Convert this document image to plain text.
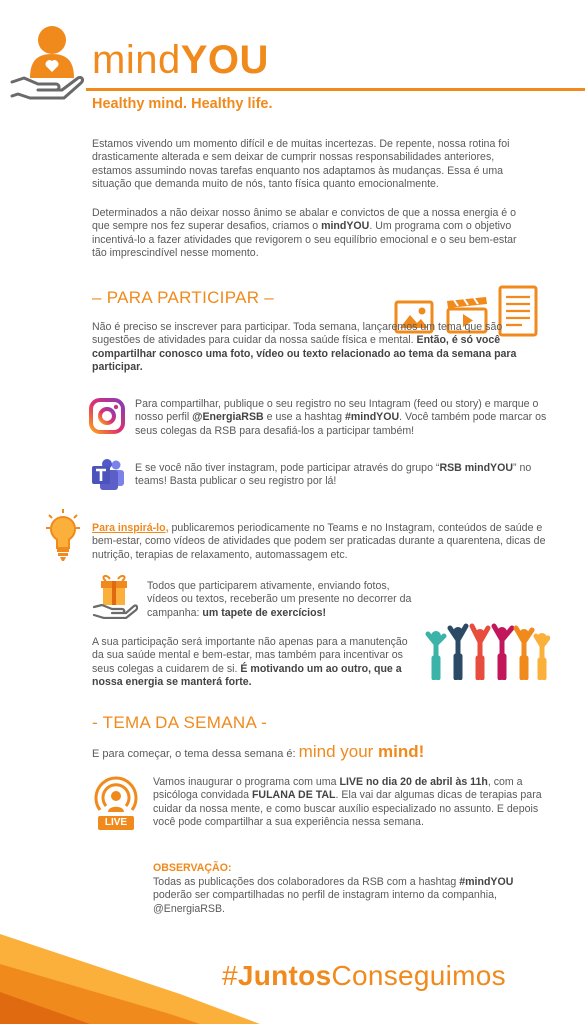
mindYOU
Healthy mind. Healthy life.
Estamos vivendo um momento difícil e de muitas incertezas. De repente, nossa rotina foi drasticamente alterada e sem deixar de cumprir nossas responsabilidades anteriores, estamos assumindo novas tarefas enquanto nos adaptamos às mudanças. Essa é uma situação que demanda muito de nós, tanto física quanto emocionalmente.
Determinados a não deixar nosso ânimo se abalar e convictos de que a nossa energia é o que sempre nos fez superar desafios, criamos o mindYOU. Um programa com o objetivo incentivá-lo a fazer atividades que revigorem o seu equilíbrio emocional e o seu bem-estar tão imprescindível nesse momento.
– PARA PARTICIPAR –
Não é preciso se inscrever para participar. Toda semana, lançaremos um tema que são sugestões de atividades para cuidar da nossa saúde física e mental. Então, é só você compartilhar conosco uma foto, vídeo ou texto relacionado ao tema da semana para participar.
Para compartilhar, publique o seu registro no seu Intagram (feed ou story) e marque o nosso perfil @EnergiaRSB e use a hashtag #mindYOU. Você também pode marcar os seus colegas da RSB para desafiá-los a participar também!
E se você não tiver instagram, pode participar através do grupo “RSB mindYOU” no teams! Basta publicar o seu registro por lá!
Para inspirá-lo, publicaremos periodicamente no Teams e no Instagram, conteúdos de saúde e bem-estar, como vídeos de atividades que podem ser praticadas durante a quarentena, dicas de nutrição, terapias de relaxamento, automassagem etc.
Todos que participarem ativamente, enviando fotos, vídeos ou textos, receberão um presente no decorrer da campanha: um tapete de exercícios!
A sua participação será importante não apenas para a manutenção da sua saúde mental e bem-estar, mas também para incentivar os seus colegas a cuidarem de si. É motivando um ao outro, que a nossa energia se manterá forte.
- TEMA DA SEMANA -
E para começar, o tema dessa semana é: mind your mind!
LIVE
Vamos inaugurar o programa com uma LIVE no dia 20 de abril às 11h, com a psicóloga convidada FULANA DE TAL. Ela vai dar algumas dicas de terapias para cuidar da nossa mente, e como buscar auxílio especializado no assunto. E depois você pode compartilhar a sua experiência nessa semana.
OBSERVAÇÃO:
Todas as publicações dos colaboradores da RSB com a hashtag #mindYOU poderão ser compartilhadas no perfil de instagram interno da companhia, @EnergiaRSB.
#JuntosConseguimos
